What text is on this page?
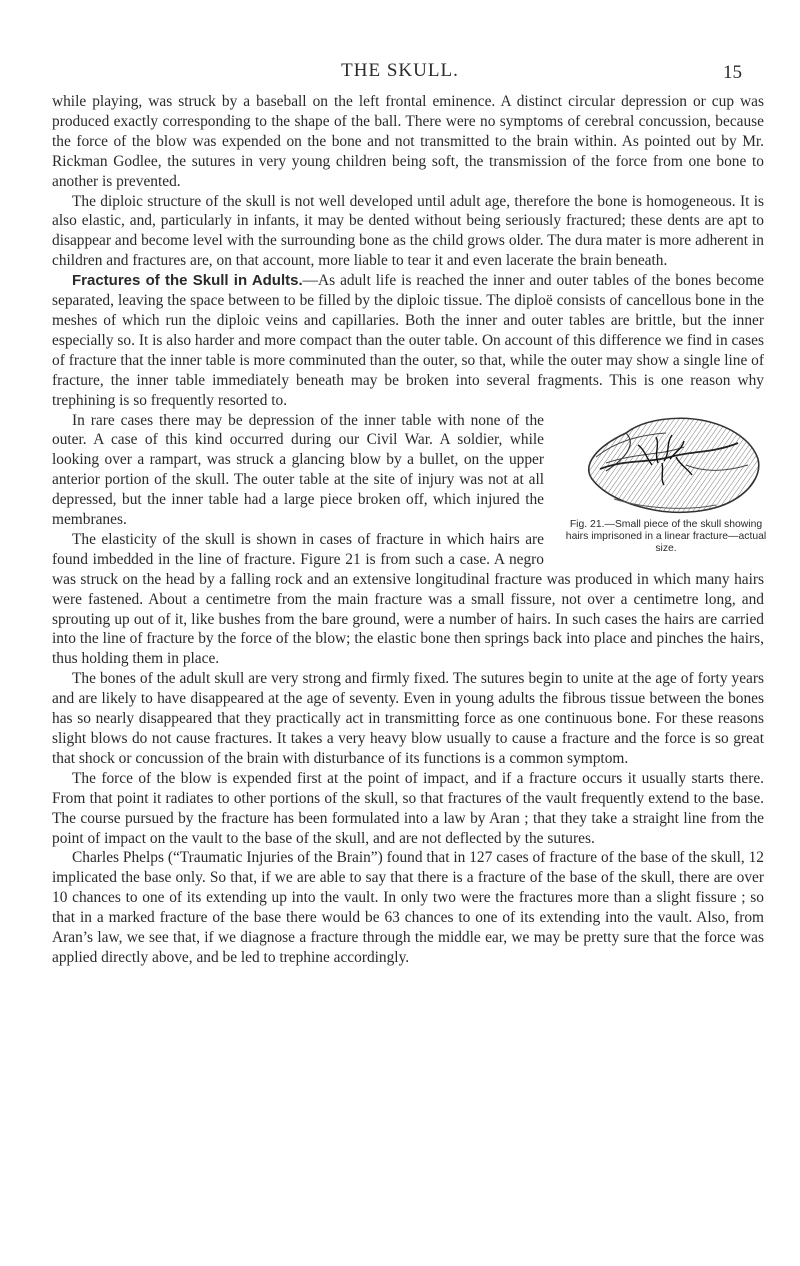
THE SKULL.	15

while playing, was struck by a baseball on the left frontal eminence. A distinct circular depression or cup was produced exactly corresponding to the shape of the ball. There were no symptoms of cerebral concussion, because the force of the blow was expended on the bone and not transmitted to the brain within. As pointed out by Mr. Rickman Godlee, the sutures in very young children being soft, the transmission of the force from one bone to another is prevented.

The diploic structure of the skull is not well developed until adult age, therefore the bone is homogeneous. It is also elastic, and, particularly in infants, it may be dented without being seriously fractured; these dents are apt to disappear and become level with the surrounding bone as the child grows older. The dura mater is more adherent in children and fractures are, on that account, more liable to tear it and even lacerate the brain beneath.

Fractures of the Skull in Adults.—As adult life is reached the inner and outer tables of the bones become separated, leaving the space between to be filled by the diploic tissue. The diploë consists of cancellous bone in the meshes of which run the diploic veins and capillaries. Both the inner and outer tables are brittle, but the inner especially so. It is also harder and more compact than the outer table. On account of this difference we find in cases of fracture that the inner table is more comminuted than the outer, so that, while the outer may show a single line of fracture, the inner table immediately beneath may be broken into several fragments. This is one reason why trephining is so frequently resorted to.

Fig. 21.—Small piece of the skull showing hairs imprisoned in a linear fracture—actual size.

In rare cases there may be depression of the inner table with none of the outer. A case of this kind occurred during our Civil War. A soldier, while looking over a rampart, was struck a glancing blow by a bullet, on the upper anterior portion of the skull. The outer table at the site of injury was not at all depressed, but the inner table had a large piece broken off, which injured the membranes.

The elasticity of the skull is shown in cases of fracture in which hairs are found imbedded in the line of fracture. Figure 21 is from such a case. A negro was struck on the head by a falling rock and an extensive longitudinal fracture was produced in which many hairs were fastened. About a centimetre from the main fracture was a small fissure, not over a centimetre long, and sprouting up out of it, like bushes from the bare ground, were a number of hairs. In such cases the hairs are carried into the line of fracture by the force of the blow; the elastic bone then springs back into place and pinches the hairs, thus holding them in place.

The bones of the adult skull are very strong and firmly fixed. The sutures begin to unite at the age of forty years and are likely to have disappeared at the age of seventy. Even in young adults the fibrous tissue between the bones has so nearly disappeared that they practically act in transmitting force as one continuous bone. For these reasons slight blows do not cause fractures. It takes a very heavy blow usually to cause a fracture and the force is so great that shock or concussion of the brain with disturbance of its functions is a common symptom.

The force of the blow is expended first at the point of impact, and if a fracture occurs it usually starts there. From that point it radiates to other portions of the skull, so that fractures of the vault frequently extend to the base. The course pursued by the fracture has been formulated into a law by Aran ; that they take a straight line from the point of impact on the vault to the base of the skull, and are not deflected by the sutures.

Charles Phelps (“Traumatic Injuries of the Brain”) found that in 127 cases of fracture of the base of the skull, 12 implicated the base only. So that, if we are able to say that there is a fracture of the base of the skull, there are over 10 chances to one of its extending up into the vault. In only two were the fractures more than a slight fissure ; so that in a marked fracture of the base there would be 63 chances to one of its extending into the vault. Also, from Aran’s law, we see that, if we diagnose a fracture through the middle ear, we may be pretty sure that the force was applied directly above, and be led to trephine accordingly.
